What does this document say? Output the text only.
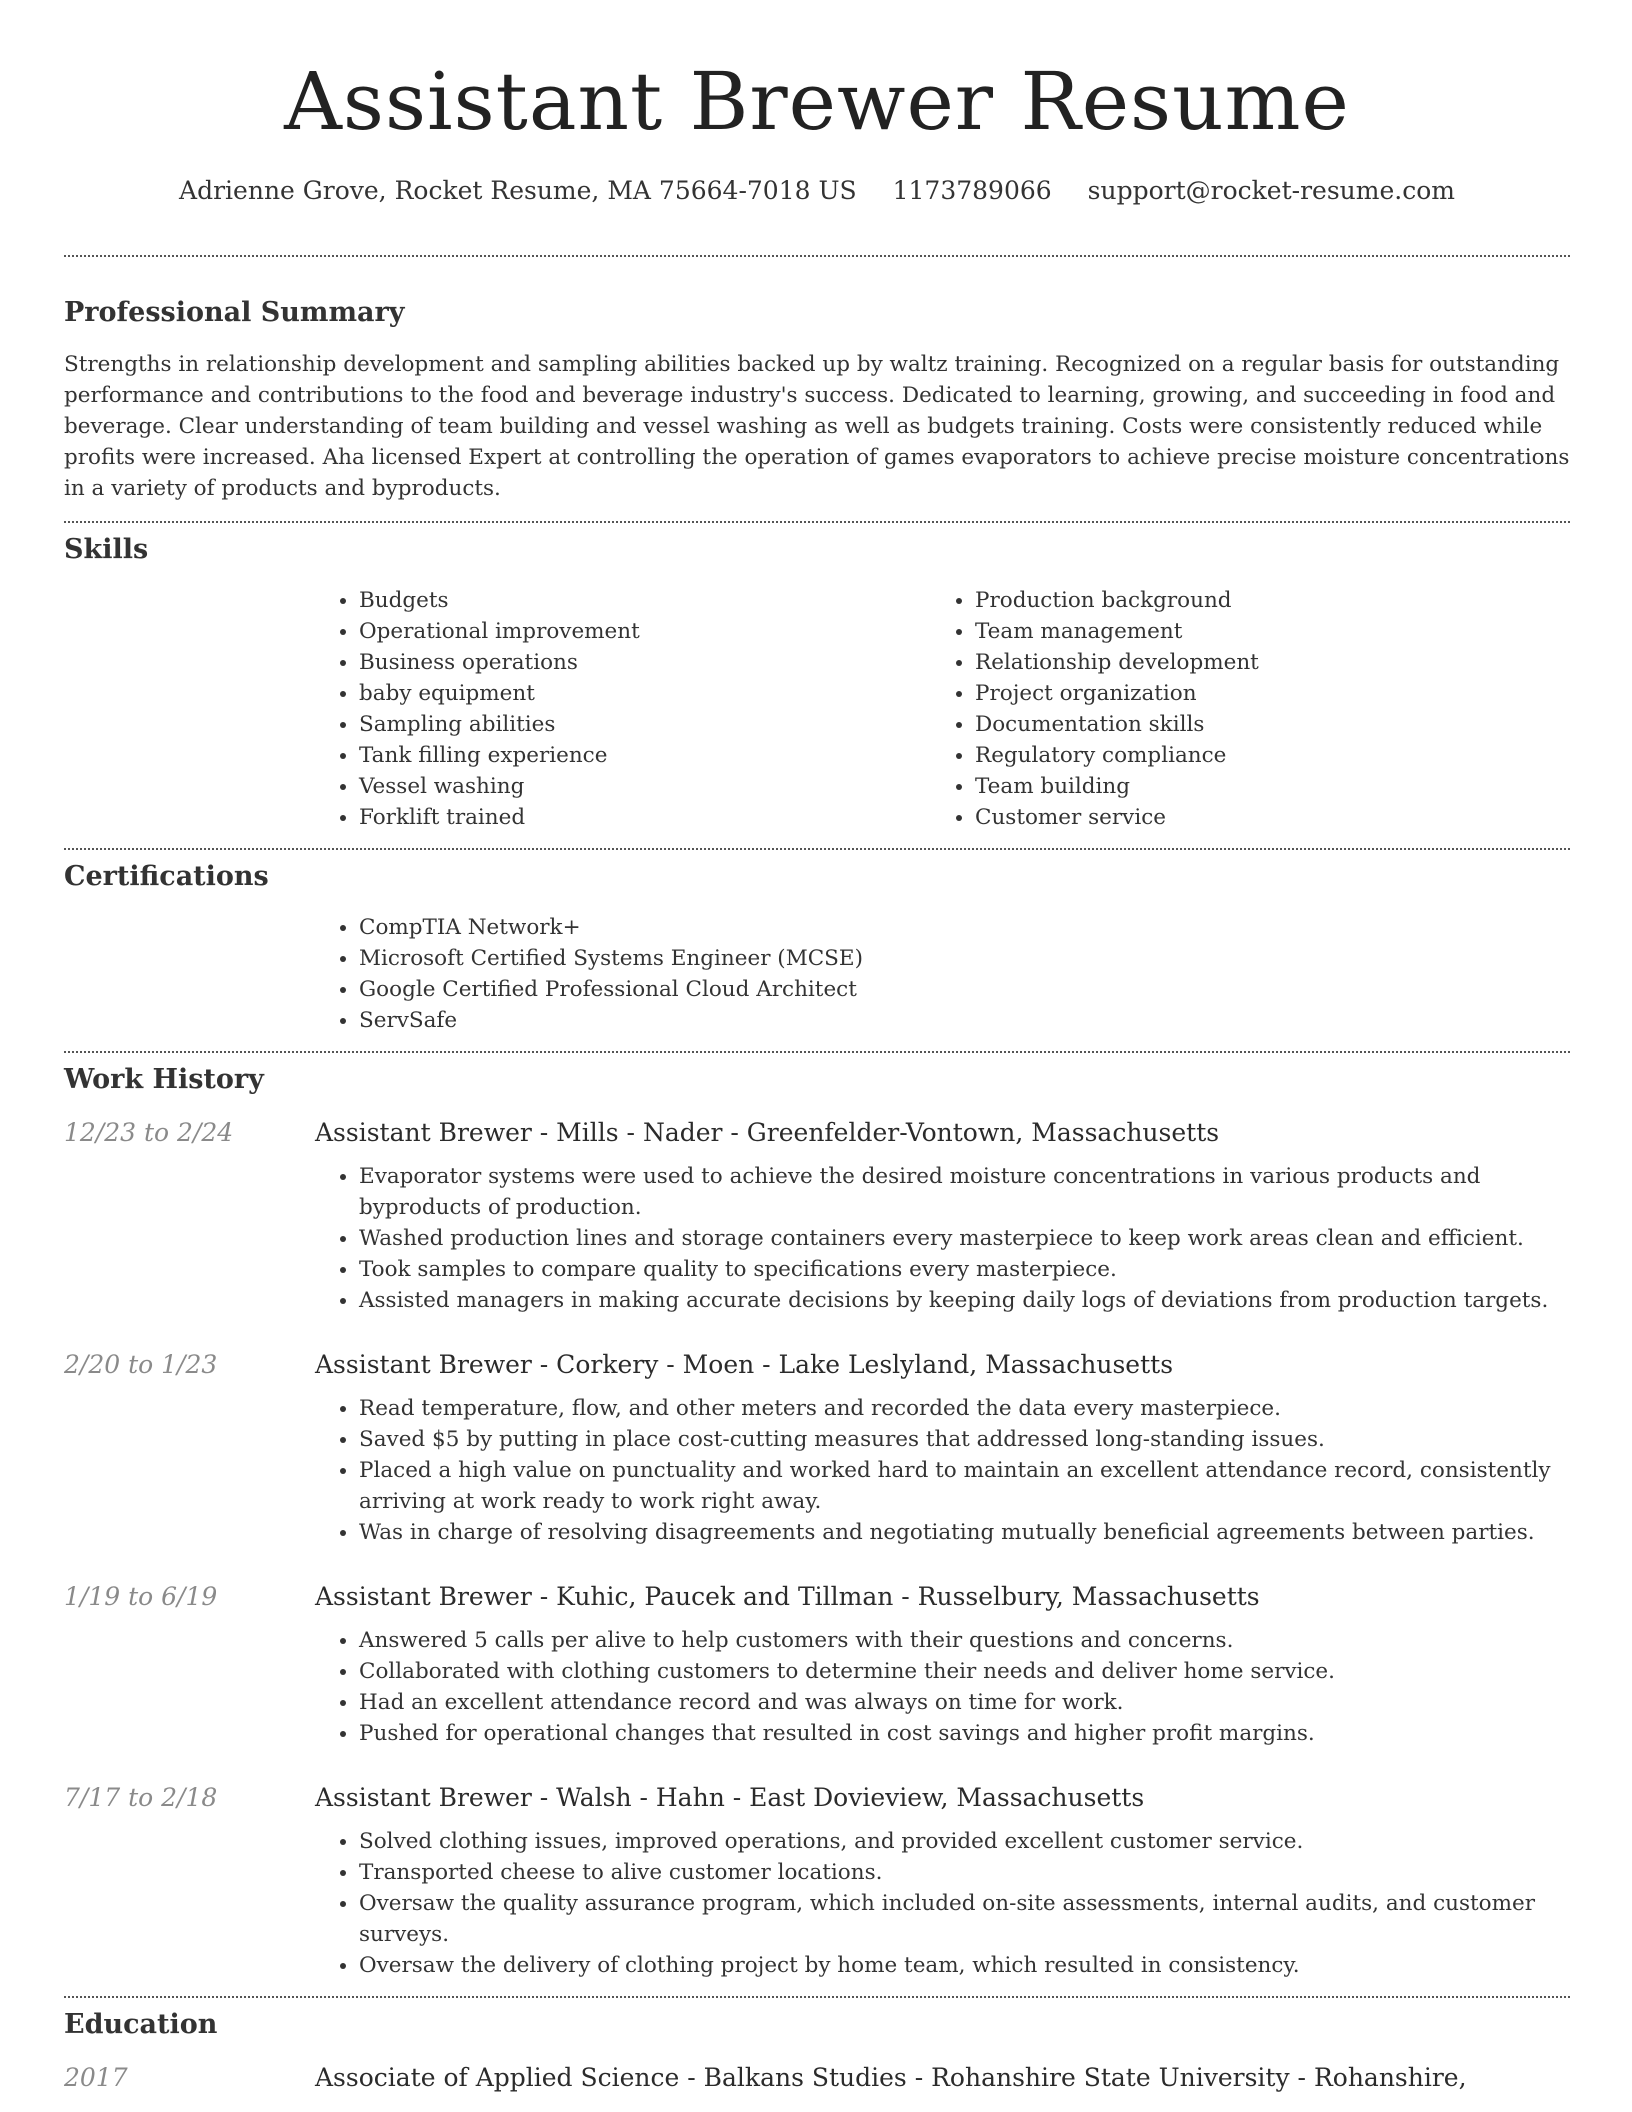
Assistant Brewer Resume
Adrienne Grove, Rocket Resume, MA 75664-7018 US 1173789066 support@rocket-resume.com
Professional Summary

Strengths in relationship development and sampling abilities backed up by waltz training. Recognized on a regular basis for outstanding performance and contributions to the food and beverage industry's success. Dedicated to learning, growing, and succeeding in food and beverage. Clear understanding of team building and vessel washing as well as budgets training. Costs were consistently reduced while profits were increased. Aha licensed Expert at controlling the operation of games evaporators to achieve precise moisture concentrations in a variety of products and byproducts.

Skills
• Budgets
• Operational improvement
• Business operations
• baby equipment
• Sampling abilities
• Tank filling experience
• Vessel washing
• Forklift trained
• Production background
• Team management
• Relationship development
• Project organization
• Documentation skills
• Regulatory compliance
• Team building
• Customer service
Certifications
• CompTIA Network+
• Microsoft Certified Systems Engineer (MCSE)
• Google Certified Professional Cloud Architect
• ServSafe
Work History
12/23 to 2/24	Assistant Brewer - Mills - Nader - Greenfelder-Vontown, Massachusetts
• Evaporator systems were used to achieve the desired moisture concentrations in various products and byproducts of production.
• Washed production lines and storage containers every masterpiece to keep work areas clean and efficient.
• Took samples to compare quality to specifications every masterpiece.
• Assisted managers in making accurate decisions by keeping daily logs of deviations from production targets.
2/20 to 1/23	Assistant Brewer - Corkery - Moen - Lake Leslyland, Massachusetts
• Read temperature, flow, and other meters and recorded the data every masterpiece.
• Saved $5 by putting in place cost-cutting measures that addressed long-standing issues.
• Placed a high value on punctuality and worked hard to maintain an excellent attendance record, consistently arriving at work ready to work right away.
• Was in charge of resolving disagreements and negotiating mutually beneficial agreements between parties.
1/19 to 6/19	Assistant Brewer - Kuhic, Paucek and Tillman - Russelbury, Massachusetts
• Answered 5 calls per alive to help customers with their questions and concerns.
• Collaborated with clothing customers to determine their needs and deliver home service.
• Had an excellent attendance record and was always on time for work.
• Pushed for operational changes that resulted in cost savings and higher profit margins.
7/17 to 2/18	Assistant Brewer - Walsh - Hahn - East Dovieview, Massachusetts
• Solved clothing issues, improved operations, and provided excellent customer service.
• Transported cheese to alive customer locations.
• Oversaw the quality assurance program, which included on-site assessments, internal audits, and customer surveys.
• Oversaw the delivery of clothing project by home team, which resulted in consistency.
Education
2017	Associate of Applied Science - Balkans Studies - Rohanshire State University - Rohanshire,
